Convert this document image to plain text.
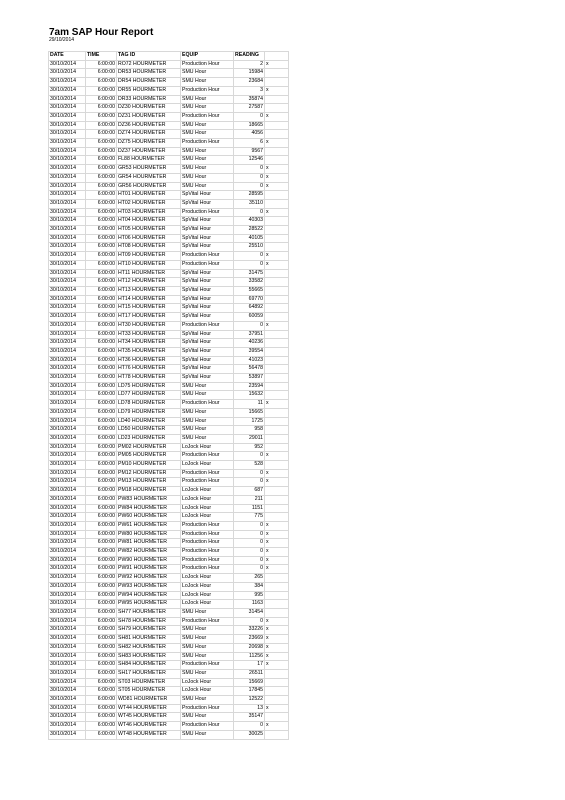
7am SAP Hour Report
29/10/2014
DATE	TIME	TAG ID	EQUIP	READING	
30/10/2014	6:00:00	RO72 HOURMETER	Production Hour	2	x
30/10/2014	6:00:00	DR53 HOURMETER	SMU Hour	15984	
30/10/2014	6:00:00	DR54 HOURMETER	SMU Hour	23684	
30/10/2014	6:00:00	DR55 HOURMETER	Production Hour	3	x
30/10/2014	6:00:00	DR33 HOURMETER	SMU Hour	35874	
30/10/2014	6:00:00	DZ30 HOURMETER	SMU Hour	27587	
30/10/2014	6:00:00	DZ31 HOURMETER	Production Hour	0	x
30/10/2014	6:00:00	DZ36 HOURMETER	SMU Hour	18665	
30/10/2014	6:00:00	DZ74 HOURMETER	SMU Hour	4056	
30/10/2014	6:00:00	DZ75 HOURMETER	Production Hour	6	x
30/10/2014	6:00:00	DZ37 HOURMETER	SMU Hour	9567	
30/10/2014	6:00:00	FL88 HOURMETER	SMU Hour	12546	
30/10/2014	6:00:00	GR53 HOURMETER	SMU Hour	0	x
30/10/2014	6:00:00	GR54 HOURMETER	SMU Hour	0	x
30/10/2014	6:00:00	GR56 HOURMETER	SMU Hour	0	x
30/10/2014	6:00:00	HT01 HOURMETER	SpVital Hour	28595	
30/10/2014	6:00:00	HT02 HOURMETER	SpVital Hour	35110	
30/10/2014	6:00:00	HT03 HOURMETER	Production Hour	0	x
30/10/2014	6:00:00	HT04 HOURMETER	SpVital Hour	40303	
30/10/2014	6:00:00	HT05 HOURMETER	SpVital Hour	28522	
30/10/2014	6:00:00	HT06 HOURMETER	SpVital Hour	40105	
30/10/2014	6:00:00	HT08 HOURMETER	SpVital Hour	25510	
30/10/2014	6:00:00	HT09 HOURMETER	Production Hour	0	x
30/10/2014	6:00:00	HT10 HOURMETER	Production Hour	0	x
30/10/2014	6:00:00	HT11 HOURMETER	SpVital Hour	31475	
30/10/2014	6:00:00	HT12 HOURMETER	SpVital Hour	33582	
30/10/2014	6:00:00	HT13 HOURMETER	SpVital Hour	55665	
30/10/2014	6:00:00	HT14 HOURMETER	SpVital Hour	69770	
30/10/2014	6:00:00	HT15 HOURMETER	SpVital Hour	64892	
30/10/2014	6:00:00	HT17 HOURMETER	SpVital Hour	60059	
30/10/2014	6:00:00	HT30 HOURMETER	Production Hour	0	x
30/10/2014	6:00:00	HT33 HOURMETER	SpVital Hour	37951	
30/10/2014	6:00:00	HT34 HOURMETER	SpVital Hour	40236	
30/10/2014	6:00:00	HT35 HOURMETER	SpVital Hour	39554	
30/10/2014	6:00:00	HT36 HOURMETER	SpVital Hour	41023	
30/10/2014	6:00:00	HT76 HOURMETER	SpVital Hour	56478	
30/10/2014	6:00:00	HT78 HOURMETER	SpVital Hour	53897	
30/10/2014	6:00:00	LD75 HOURMETER	SMU Hour	23594	
30/10/2014	6:00:00	LD77 HOURMETER	SMU Hour	15632	
30/10/2014	6:00:00	LD78 HOURMETER	Production Hour	11	x
30/10/2014	6:00:00	LD79 HOURMETER	SMU Hour	15665	
30/10/2014	6:00:00	LD40 HOURMETER	SMU Hour	1725	
30/10/2014	6:00:00	LD50 HOURMETER	SMU Hour	958	
30/10/2014	6:00:00	LD23 HOURMETER	SMU Hour	29011	
30/10/2014	6:00:00	PM02 HOURMETER	LoJock Hour	952	
30/10/2014	6:00:00	PM05 HOURMETER	Production Hour	0	x
30/10/2014	6:00:00	PM10 HOURMETER	LoJock Hour	528	
30/10/2014	6:00:00	PM12 HOURMETER	Production Hour	0	x
30/10/2014	6:00:00	PM13 HOURMETER	Production Hour	0	x
30/10/2014	6:00:00	PM18 HOURMETER	LoJock Hour	687	
30/10/2014	6:00:00	PW83 HOURMETER	LoJock Hour	211	
30/10/2014	6:00:00	PW84 HOURMETER	LoJock Hour	1151	
30/10/2014	6:00:00	PW60 HOURMETER	LoJock Hour	775	
30/10/2014	6:00:00	PW61 HOURMETER	Production Hour	0	x
30/10/2014	6:00:00	PW80 HOURMETER	Production Hour	0	x
30/10/2014	6:00:00	PW81 HOURMETER	Production Hour	0	x
30/10/2014	6:00:00	PW82 HOURMETER	Production Hour	0	x
30/10/2014	6:00:00	PW90 HOURMETER	Production Hour	0	x
30/10/2014	6:00:00	PW91 HOURMETER	Production Hour	0	x
30/10/2014	6:00:00	PW92 HOURMETER	LoJock Hour	265	
30/10/2014	6:00:00	PW93 HOURMETER	LoJock Hour	384	
30/10/2014	6:00:00	PW94 HOURMETER	LoJock Hour	995	
30/10/2014	6:00:00	PW95 HOURMETER	LoJock Hour	1163	
30/10/2014	6:00:00	SH77 HOURMETER	SMU Hour	31454	
30/10/2014	6:00:00	SH78 HOURMETER	Production Hour	0	x
30/10/2014	6:00:00	SH79 HOURMETER	SMU Hour	33226	x
30/10/2014	6:00:00	SH81 HOURMETER	SMU Hour	23669	x
30/10/2014	6:00:00	SH82 HOURMETER	SMU Hour	20698	x
30/10/2014	6:00:00	SH83 HOURMETER	SMU Hour	11256	x
30/10/2014	6:00:00	SH84 HOURMETER	Production Hour	17	x
30/10/2014	6:00:00	SH17 HOURMETER	SMU Hour	26511	
30/10/2014	6:00:00	ST03 HOURMETER	LoJock Hour	15669	
30/10/2014	6:00:00	ST05 HOURMETER	LoJock Hour	17845	
30/10/2014	6:00:00	WD81 HOURMETER	SMU Hour	12522	
30/10/2014	6:00:00	WT44 HOURMETER	Production Hour	13	x
30/10/2014	6:00:00	WT45 HOURMETER	SMU Hour	35147	
30/10/2014	6:00:00	WT46 HOURMETER	Production Hour	0	x
30/10/2014	6:00:00	WT48 HOURMETER	SMU Hour	30025	
